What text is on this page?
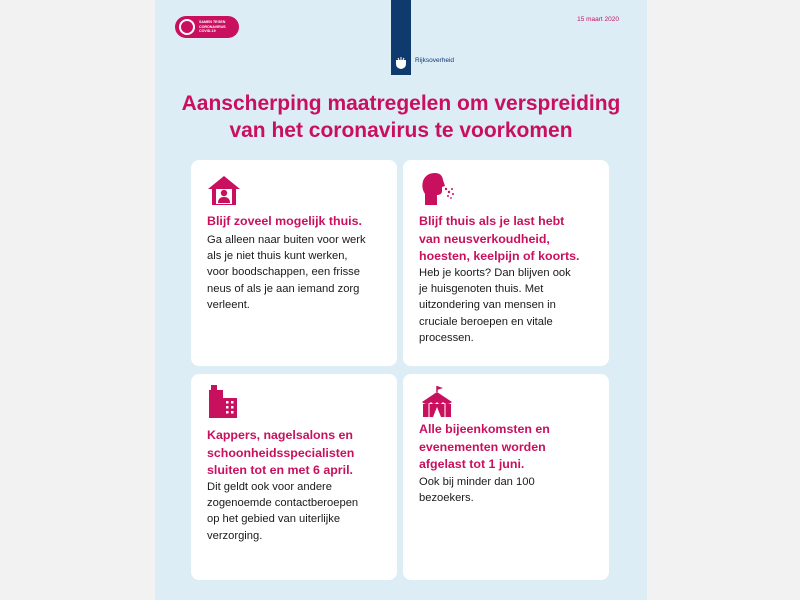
SAMEN TEGEN
CORONAVIRUS
COVID-19
Rijksoverheid
15 maart 2020
Aanscherping maatregelen om verspreiding
van het coronavirus te voorkomen
Blijf zoveel mogelijk thuis.
Ga alleen naar buiten voor werk
als je niet thuis kunt werken,
voor boodschappen, een frisse
neus of als je aan iemand zorg
verleent.
Blijf thuis als je last hebt
van neusverkoudheid,
hoesten, keelpijn of koorts.
Heb je koorts? Dan blijven ook
je huisgenoten thuis. Met
uitzondering van mensen in
cruciale beroepen en vitale
processen.
Kappers, nagelsalons en
schoonheidsspecialisten
sluiten tot en met 6 april.
Dit geldt ook voor andere
zogenoemde contactberoepen
op het gebied van uiterlijke
verzorging.
Alle bijeenkomsten en
evenementen worden
afgelast tot 1 juni.
Ook bij minder dan 100
bezoekers.
